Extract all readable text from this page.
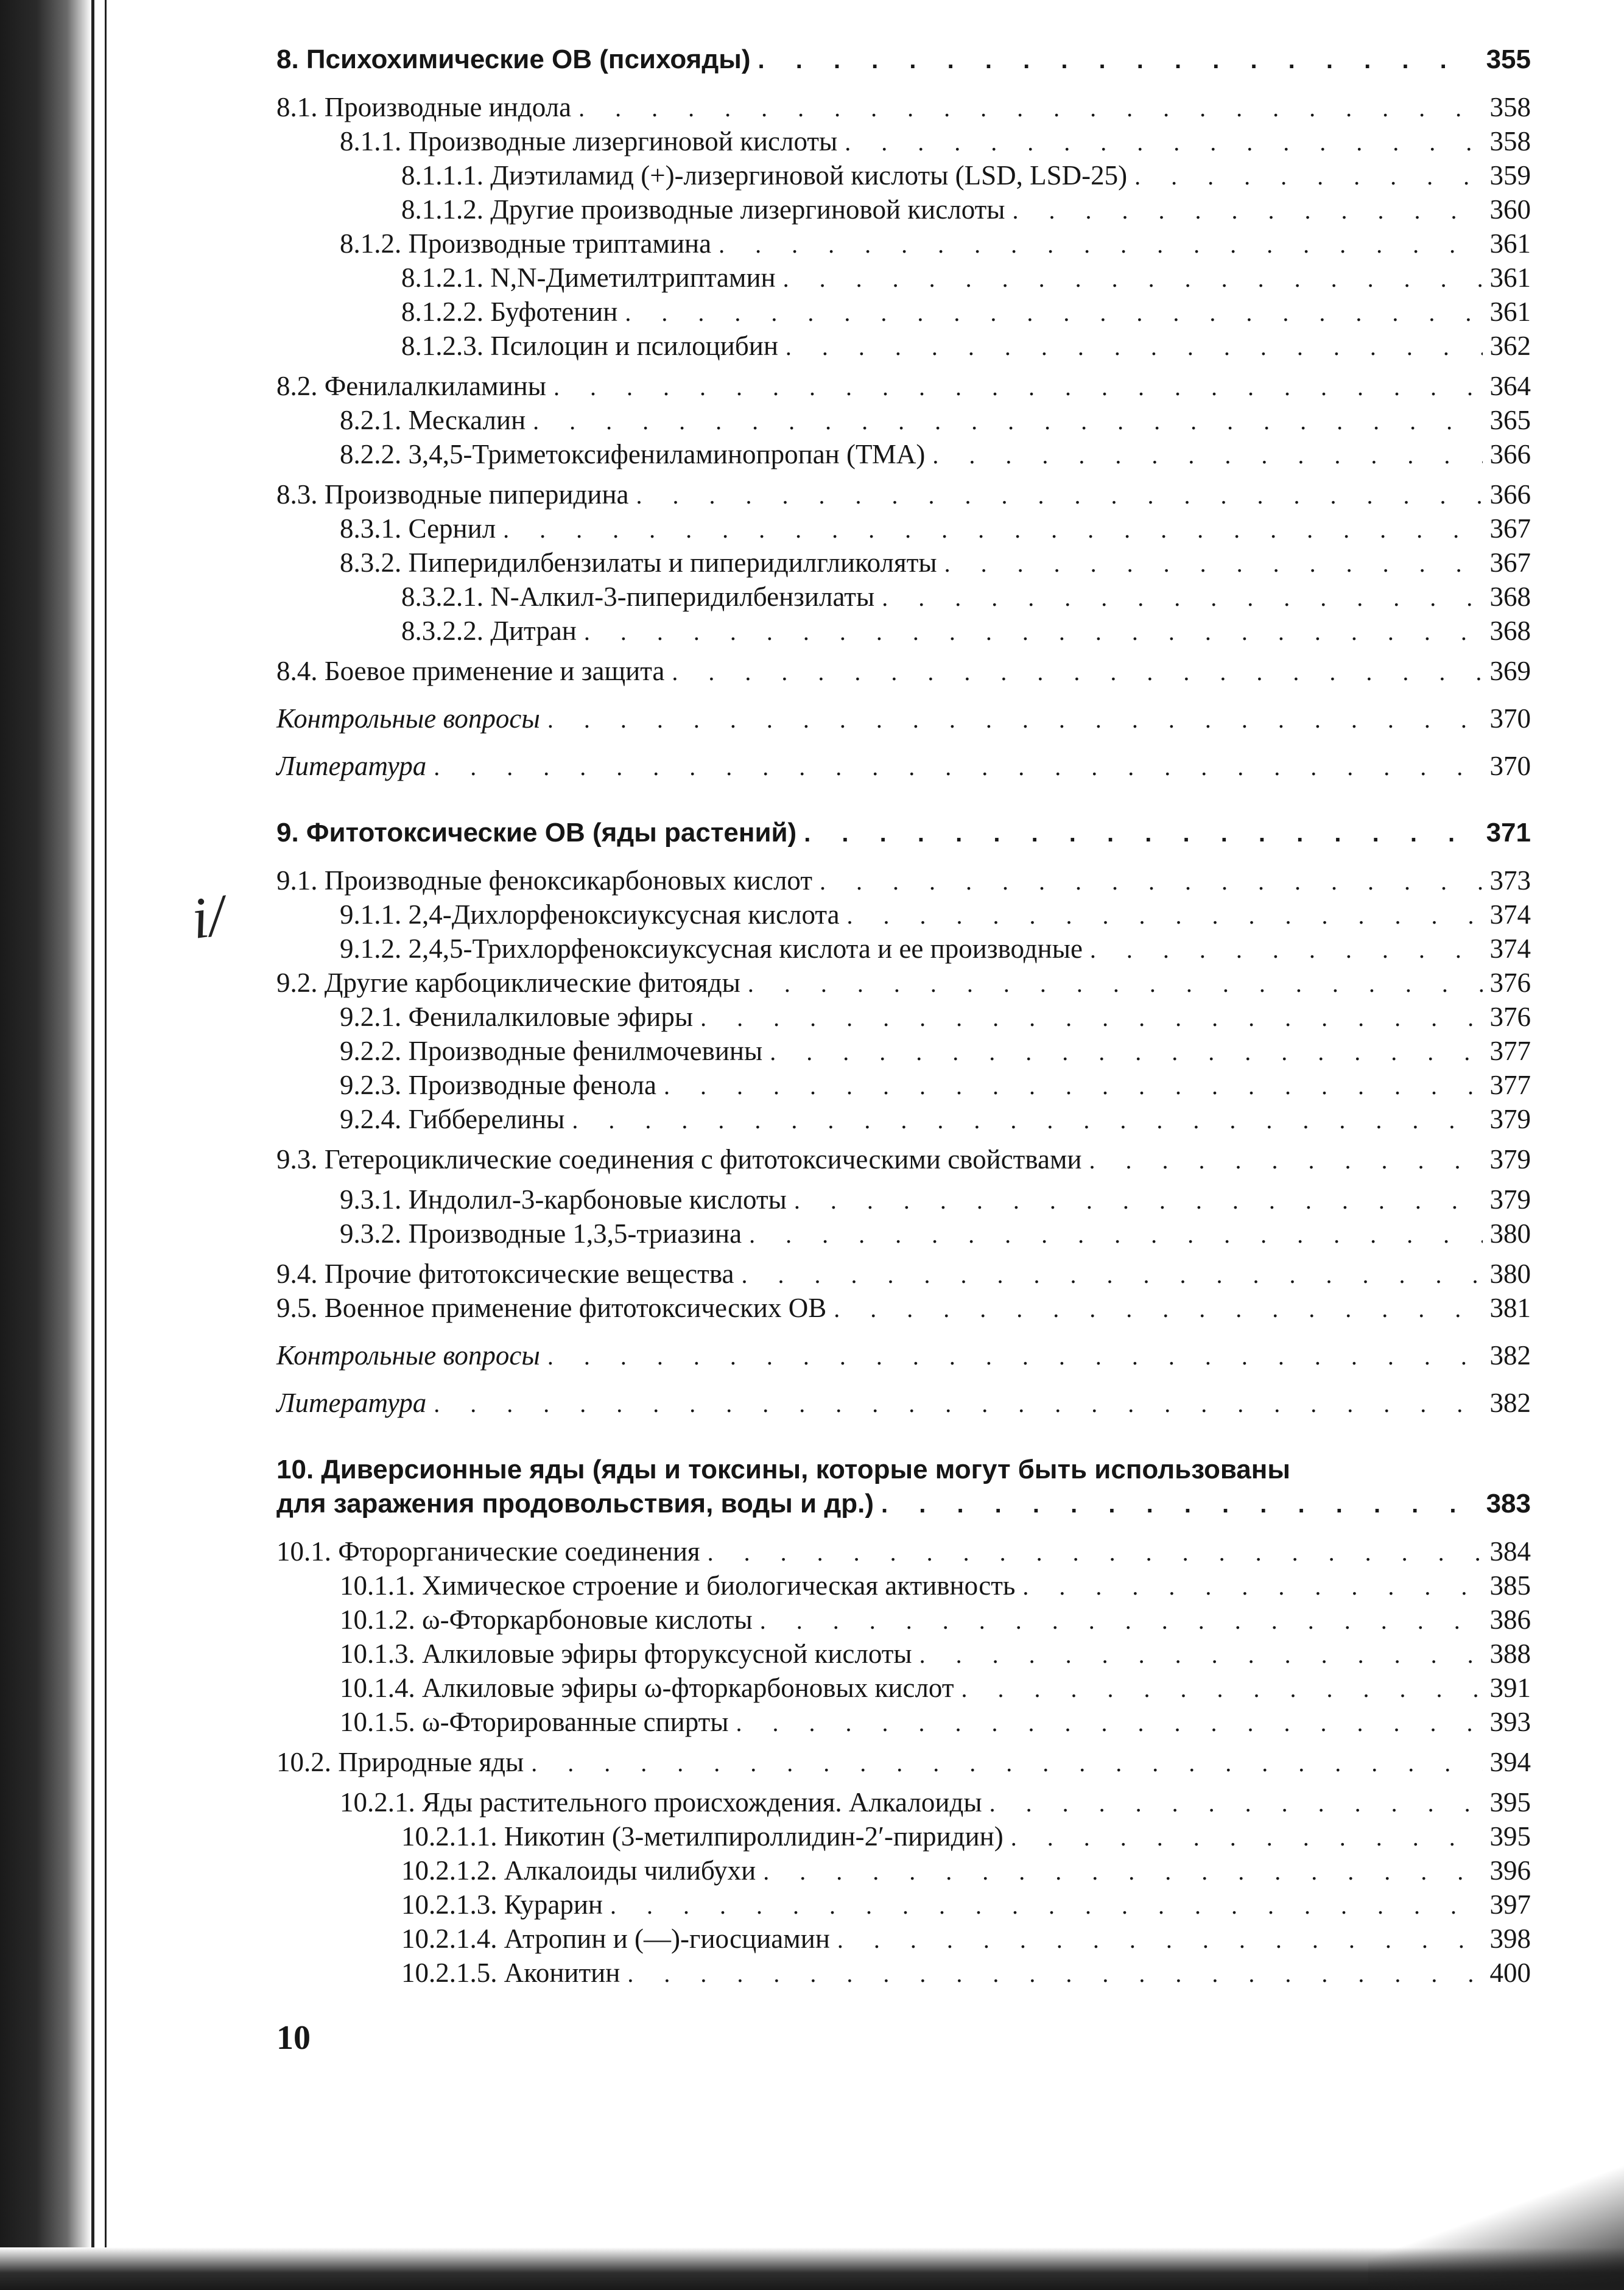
i/
8. Психохимические ОВ (психояды) . . .	355
8.1. Производные индола . . .	358
8.1.1. Производные лизергиновой кислоты . . .	358
8.1.1.1. Диэтиламид (+)-лизергиновой кислоты (LSD, LSD-25) . . .	359
8.1.1.2. Другие производные лизергиновой кислоты . . .	360
8.1.2. Производные триптамина . . .	361
8.1.2.1. N,N-Диметилтриптамин . . .	361
8.1.2.2. Буфотенин . . .	361
8.1.2.3. Псилоцин и псилоцибин . . .	362
8.2. Фенилалкиламины . . .	364
8.2.1. Мескалин . . .	365
8.2.2. 3,4,5-Триметоксифениламинопропан (ТМА) . . .	366
8.3. Производные пиперидина . . .	366
8.3.1. Сернил . . .	367
8.3.2. Пиперидилбензилаты и пиперидилгликоляты . . .	367
8.3.2.1. N-Алкил-3-пиперидилбензилаты . . .	368
8.3.2.2. Дитран . . .	368
8.4. Боевое применение и защита . . .	369
Контрольные вопросы . . .	370
Литература . . .	370
9. Фитотоксические ОВ (яды растений) . . .	371
9.1. Производные феноксикарбоновых кислот . . .	373
9.1.1. 2,4-Дихлорфеноксиуксусная кислота . . .	374
9.1.2. 2,4,5-Трихлорфеноксиуксусная кислота и ее производные . . .	374
9.2. Другие карбоциклические фитояды . . .	376
9.2.1. Фенилалкиловые эфиры . . .	376
9.2.2. Производные фенилмочевины . . .	377
9.2.3. Производные фенола . . .	377
9.2.4. Гибберелины . . .	379
9.3. Гетероциклические соединения с фитотоксическими свойствами . . .	379
9.3.1. Индолил-3-карбоновые кислоты . . .	379
9.3.2. Производные 1,3,5-триазина . . .	380
9.4. Прочие фитотоксические вещества . . .	380
9.5. Военное применение фитотоксических ОВ . . .	381
Контрольные вопросы . . .	382
Литература . . .	382
10. Диверсионные яды (яды и токсины, которые могут быть использованы
для заражения продовольствия, воды и др.) . . .	383
10.1. Фторорганические соединения . . .	384
10.1.1. Химическое строение и биологическая активность . . .	385
10.1.2. ω-Фторкарбоновые кислоты . . .	386
10.1.3. Алкиловые эфиры фторуксусной кислоты . . .	388
10.1.4. Алкиловые эфиры ω-фторкарбоновых кислот . . .	391
10.1.5. ω-Фторированные спирты . . .	393
10.2. Природные яды . . .	394
10.2.1. Яды растительного происхождения. Алкалоиды . . .	395
10.2.1.1. Никотин (3-метилпироллидин-2′-пиридин) . . .	395
10.2.1.2. Алкалоиды чилибухи . . .	396
10.2.1.3. Курарин . . .	397
10.2.1.4. Атропин и (—)-гиосциамин . . .	398
10.2.1.5. Аконитин . . .	400
10
